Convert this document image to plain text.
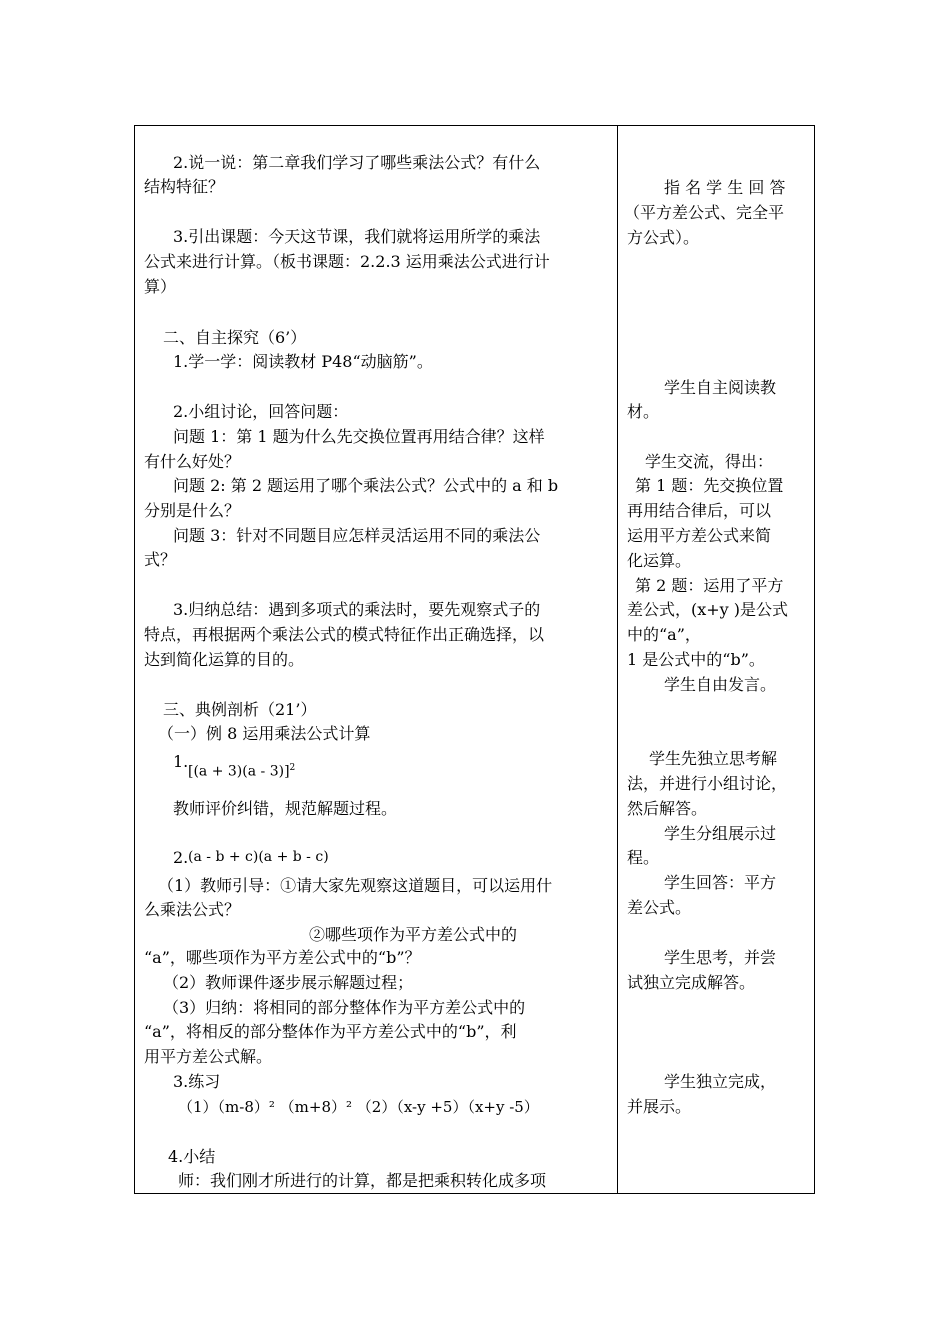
2.说一说：第二章我们学习了哪些乘法公式？有什么
结构特征？
3.引出课题：今天这节课，我们就将运用所学的乘法
公式来进行计算。（板书课题：2.2.3 运用乘法公式进行计
算）
二、自主探究（6’）
1.学一学：阅读教材 P48“动脑筋”。
2.小组讨论，回答问题：
问题 1：第 1 题为什么先交换位置再用结合律？这样
有什么好处？
问题 2: 第 2 题运用了哪个乘法公式？公式中的 a 和 b
分别是什么？
问题 3：针对不同题目应怎样灵活运用不同的乘法公
式？
3.归纳总结：遇到多项式的乘法时，要先观察式子的
特点，再根据两个乘法公式的模式特征作出正确选择，以
达到简化运算的目的。
三、典例剖析（21’）
（一）例 8 运用乘法公式计算
1.
$[(a + 3)(a - 3)]^2$
教师评价纠错，规范解题过程。
2. (a - b + c)(a + b - c)
（1）教师引导：①请大家先观察这道题目，可以运用什
么乘法公式？
②哪些项作为平方差公式中的
“a”，哪些项作为平方差公式中的“b”？
（2）教师课件逐步展示解题过程；
（3）归纳：将相同的部分整体作为平方差公式中的
“a”，将相反的部分整体作为平方差公式中的“b”，利
用平方差公式解。
3.练习
（1）（m-8）² （m+8）² （2）（x-y +5）（x+y -5）
4.小结
师：我们刚才所进行的计算，都是把乘积转化成多项
指 名 学 生 回 答
（平方差公式、完全平
方公式）。
学生自主阅读教
材。
学生交流，得出：
第 1 题：先交换位置
再用结合律后，可以
运用平方差公式来简
化运算。
第 2 题：运用了平方
差公式，(x+y )是公式
中的“a”，
1 是公式中的“b”。
学生自由发言。
学生先独立思考解
法，并进行小组讨论，
然后解答。
学生分组展示过
程。
学生回答：平方
差公式。
学生思考，并尝
试独立完成解答。
学生独立完成，
并展示。
